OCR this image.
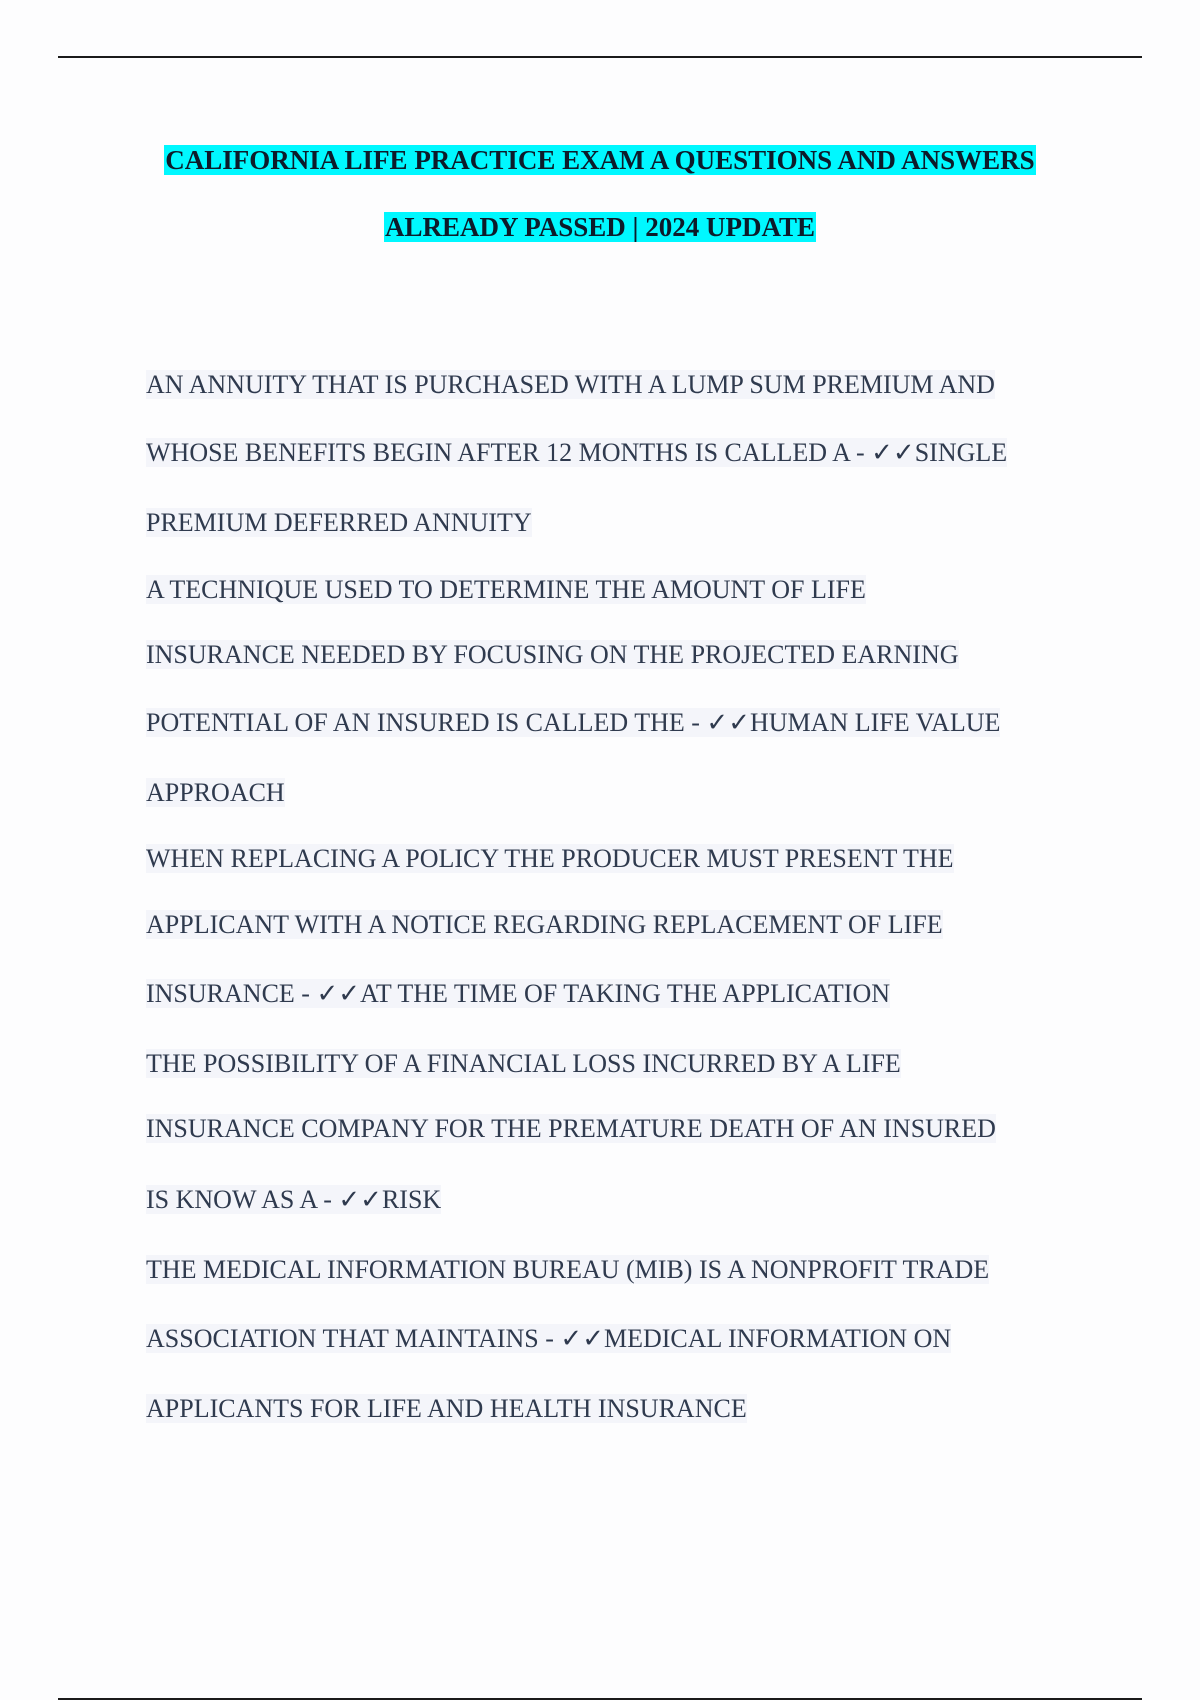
CALIFORNIA LIFE PRACTICE EXAM A QUESTIONS AND ANSWERS
ALREADY PASSED | 2024 UPDATE
AN ANNUITY THAT IS PURCHASED WITH A LUMP SUM PREMIUM AND
WHOSE BENEFITS BEGIN AFTER 12 MONTHS IS CALLED A - ✓✓SINGLE
PREMIUM DEFERRED ANNUITY
A TECHNIQUE USED TO DETERMINE THE AMOUNT OF LIFE
INSURANCE NEEDED BY FOCUSING ON THE PROJECTED EARNING
POTENTIAL OF AN INSURED IS CALLED THE - ✓✓HUMAN LIFE VALUE
APPROACH
WHEN REPLACING A POLICY THE PRODUCER MUST PRESENT THE
APPLICANT WITH A NOTICE REGARDING REPLACEMENT OF LIFE
INSURANCE - ✓✓AT THE TIME OF TAKING THE APPLICATION
THE POSSIBILITY OF A FINANCIAL LOSS INCURRED BY A LIFE
INSURANCE COMPANY FOR THE PREMATURE DEATH OF AN INSURED
IS KNOW AS A - ✓✓RISK
THE MEDICAL INFORMATION BUREAU (MIB) IS A NONPROFIT TRADE
ASSOCIATION THAT MAINTAINS - ✓✓MEDICAL INFORMATION ON
APPLICANTS FOR LIFE AND HEALTH INSURANCE
